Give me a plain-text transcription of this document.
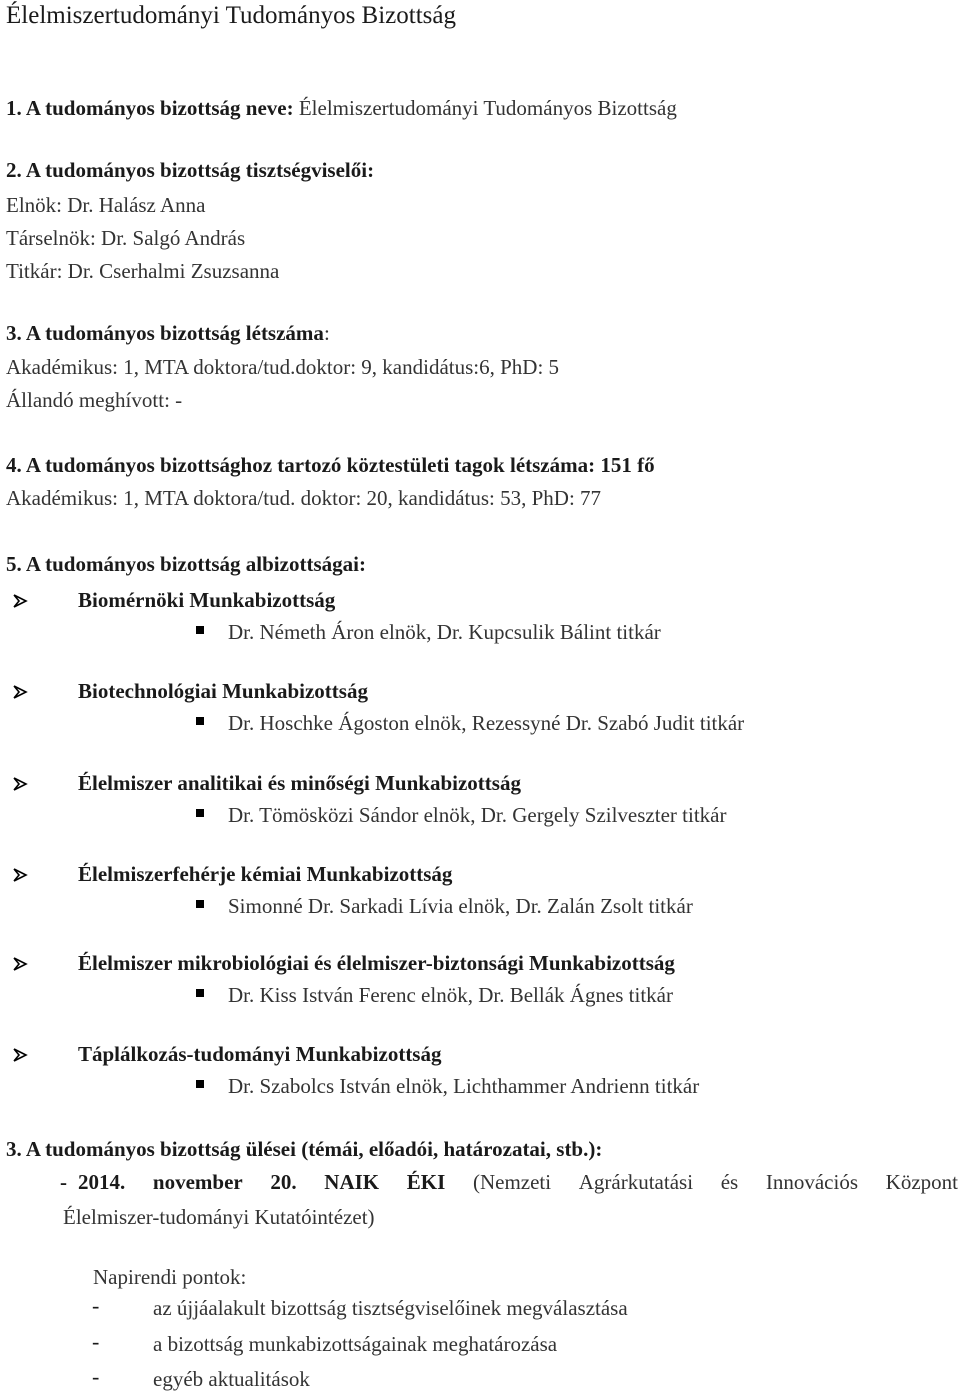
Élelmiszertudományi Tudományos Bizottság
1. A tudományos bizottság neve: Élelmiszertudományi Tudományos Bizottság
2. A tudományos bizottság tisztségviselői:
Elnök: Dr. Halász Anna
Társelnök: Dr. Salgó András
Titkár: Dr. Cserhalmi Zsuzsanna
3. A tudományos bizottság létszáma:
Akadémikus: 1, MTA doktora/tud.doktor: 9, kandidátus:6, PhD: 5
Állandó meghívott: -
4. A tudományos bizottsághoz tartozó köztestületi tagok létszáma: 151 fő
Akadémikus: 1, MTA doktora/tud. doktor: 20, kandidátus: 53, PhD: 77
5. A tudományos bizottság albizottságai:
Biomérnöki Munkabizottság
Dr. Németh Áron elnök, Dr. Kupcsulik Bálint titkár
Biotechnológiai Munkabizottság
Dr. Hoschke Ágoston elnök, Rezessyné Dr. Szabó Judit titkár
Élelmiszer analitikai és minőségi Munkabizottság
Dr. Tömösközi Sándor elnök, Dr. Gergely Szilveszter titkár
Élelmiszerfehérje kémiai Munkabizottság
Simonné Dr. Sarkadi Lívia elnök, Dr. Zalán Zsolt titkár
Élelmiszer mikrobiológiai és élelmiszer-biztonsági Munkabizottság
Dr. Kiss István Ferenc elnök, Dr. Bellák Ágnes titkár
Táplálkozás-tudományi Munkabizottság
Dr. Szabolcs István elnök, Lichthammer Andrienn titkár
3. A tudományos bizottság ülései (témái, előadói, határozatai, stb.):
- 2014. november 20. NAIK ÉKI (Nemzeti Agrárkutatási és Innovációs Központ
Élelmiszer-tudományi Kutatóintézet)
Napirendi pontok:
-	az újjáalakult bizottság tisztségviselőinek megválasztása
-	a bizottság munkabizottságainak meghatározása
-	egyéb aktualitások
